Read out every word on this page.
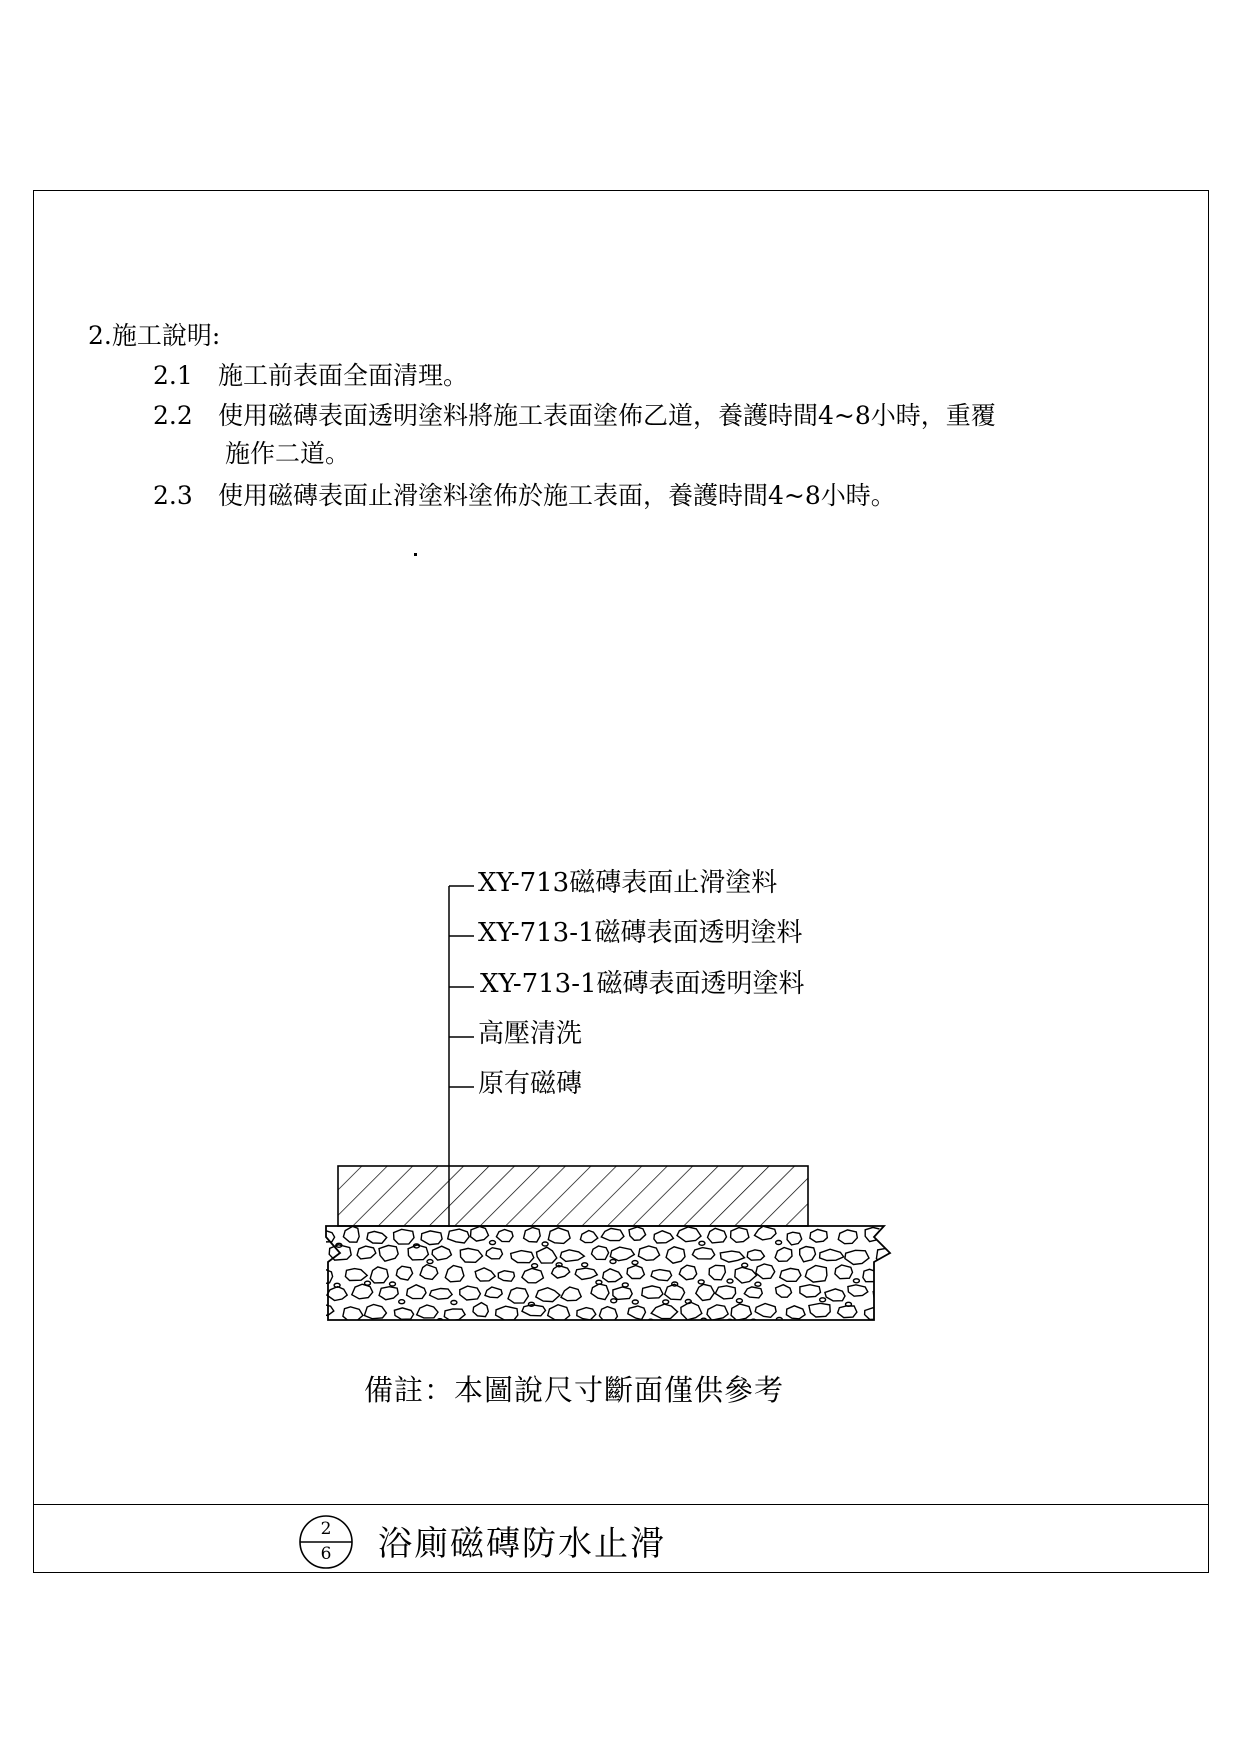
2.施工說明:
2.1 施工前表面全面清理。
2.2 使用磁磚表面透明塗料將施工表面塗佈乙道，養護時間4~8小時，重覆
施作二道。
2.3 使用磁磚表面止滑塗料塗佈於施工表面，養護時間4~8小時。
XY-713磁磚表面止滑塗料
XY-713-1磁磚表面透明塗料
XY-713-1磁磚表面透明塗料
高壓清洗
原有磁磚
備註：本圖說尺寸斷面僅供參考
2
6 浴廁磁磚防水止滑
